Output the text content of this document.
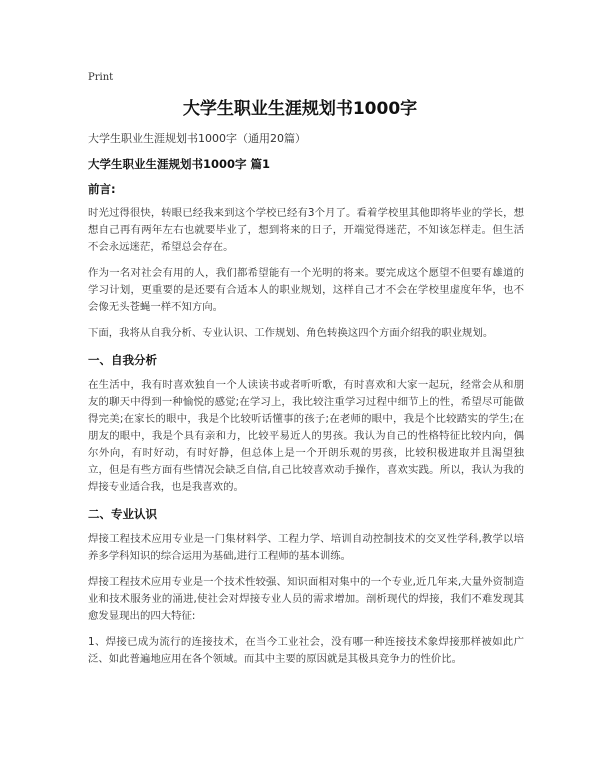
Print
大学生职业生涯规划书1000字

大学生职业生涯规划书1000字（通用20篇）

大学生职业生涯规划书1000字 篇1

前言:

时光过得很快，转眼已经我来到这个学校已经有3个月了。看着学校里其他即将毕业的学长，想想自己再有两年左右也就要毕业了，想到将来的日子，开端觉得迷茫，不知该怎样走。但生活不会永远迷茫，希望总会存在。

作为一名对社会有用的人，我们都希望能有一个光明的将来。要完成这个愿望不但要有雄道的学习计划，更重要的是还要有合适本人的职业规划，这样自己才不会在学校里虚度年华，也不会像无头苍蝇一样不知方向。

下面，我将从自我分析、专业认识、工作规划、角色转换这四个方面介绍我的职业规划。

一、自我分析

在生活中，我有时喜欢独自一个人读读书或者听听歌，有时喜欢和大家一起玩，经常会从和朋友的聊天中得到一种愉悦的感觉;在学习上，我比较注重学习过程中细节上的性，希望尽可能做得完美;在家长的眼中，我是个比较听话懂事的孩子;在老师的眼中，我是个比较踏实的学生;在朋友的眼中，我是个具有亲和力，比较平易近人的男孩。我认为自己的性格特征比较内向，偶尔外向，有时好动，有时好静，但总体上是一个开朗乐观的男孩，比较积极进取并且渴望独立，但是有些方面有些情况会缺乏自信,自己比较喜欢动手操作，喜欢实践。所以，我认为我的焊接专业适合我，也是我喜欢的。

二、专业认识

焊接工程技术应用专业是一门集材料学、工程力学、培训自动控制技术的交叉性学科,教学以培养多学科知识的综合运用为基础,进行工程师的基本训练。

焊接工程技术应用专业是一个技术性较强、知识面相对集中的一个专业,近几年来,大量外资制造业和技术服务业的涌进,使社会对焊接专业人员的需求增加。剖析现代的焊接，我们不难发现其愈发显现出的四大特征:

1、焊接已成为流行的连接技术，在当今工业社会，没有哪一种连接技术象焊接那样被如此广泛、如此普遍地应用在各个领域。而其中主要的原因就是其极具竞争力的性价比。
